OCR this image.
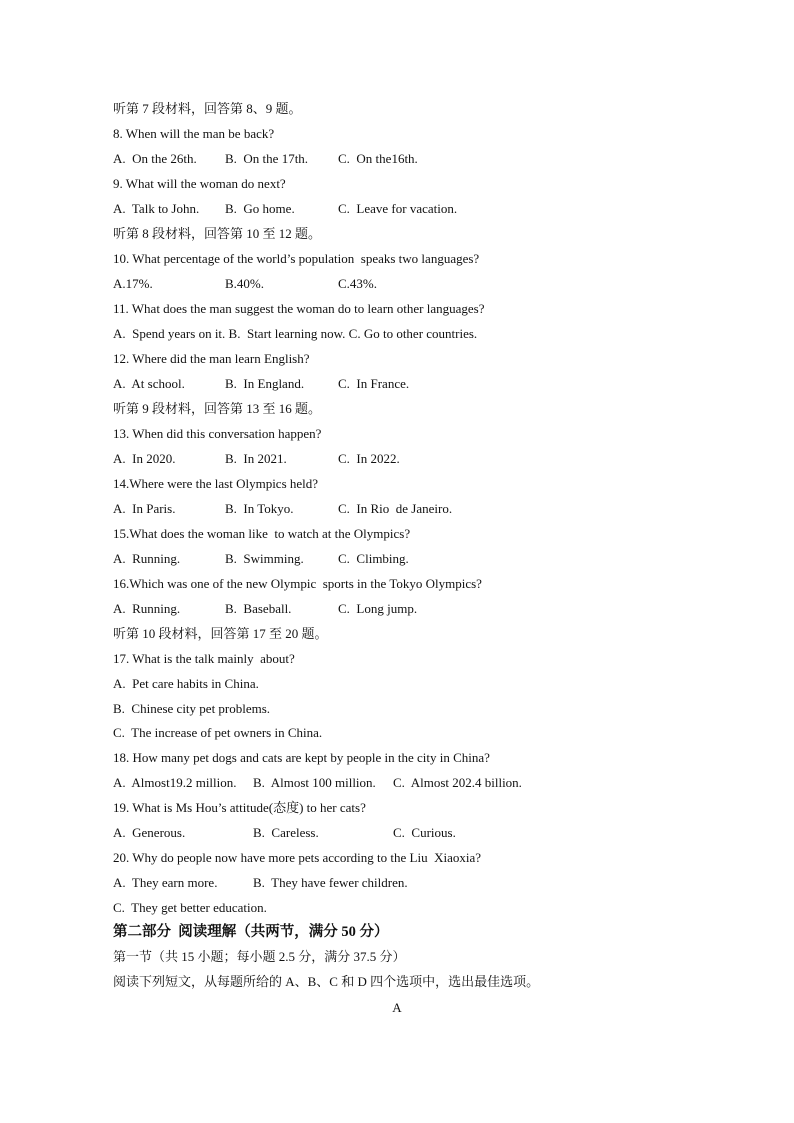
听第 7 段材料，回答第 8、9 题。
8. When will the man be back?
A.  On the 26th. B.  On the 17th. C.  On the16th.
9. What will the woman do next?
A.  Talk to John. B.  Go home.	C.  Leave for vacation.
听第 8 段材料，回答第 10 至 12 题。
10. What percentage of the world’s population  speaks two languages?
A.17%.	B.40%.	C.43%.
11. What does the man suggest the woman do to learn other languages?
A.  Spend years on it. B.  Start learning now. C. Go to other countries.
12. Where did the man learn English?
A.  At school.	B.  In England.	C.  In France.
听第 9 段材料，回答第 13 至 16 题。
13. When did this conversation happen?
A.  In 2020.	B.  In 2021.	C.  In 2022.
14.Where were the last Olympics held?
A.  In Paris.	B.  In Tokyo.	C.  In Rio  de Janeiro.
15.What does the woman like  to watch at the Olympics?
A.  Running.	B.  Swimming.	C.  Climbing.
16.Which was one of the new Olympic  sports in the Tokyo Olympics?
A.  Running.	B.  Baseball.	C.  Long jump.
听第 10 段材料，回答第 17 至 20 题。
17. What is the talk mainly  about?
A.  Pet care habits in China.
B.  Chinese city pet problems.
C.  The increase of pet owners in China.
18. How many pet dogs and cats are kept by people in the city in China?
A.  Almost19.2 million. B.  Almost 100 million. C.  Almost 202.4 billion.
19. What is Ms Hou’s attitude(态度) to her cats?
A.  Generous.	B.  Careless.	C.  Curious.
20. Why do people now have more pets according to the Liu  Xiaoxia?
A.  They earn more.	B.  They have fewer children.
C.  They get better education.
第二部分  阅读理解（共两节，满分 50 分）
第一节（共 15 小题；每小题 2.5 分，满分 37.5 分）
阅读下列短文，从每题所给的 A、B、C 和 D 四个选项中，选出最佳选项。
A
